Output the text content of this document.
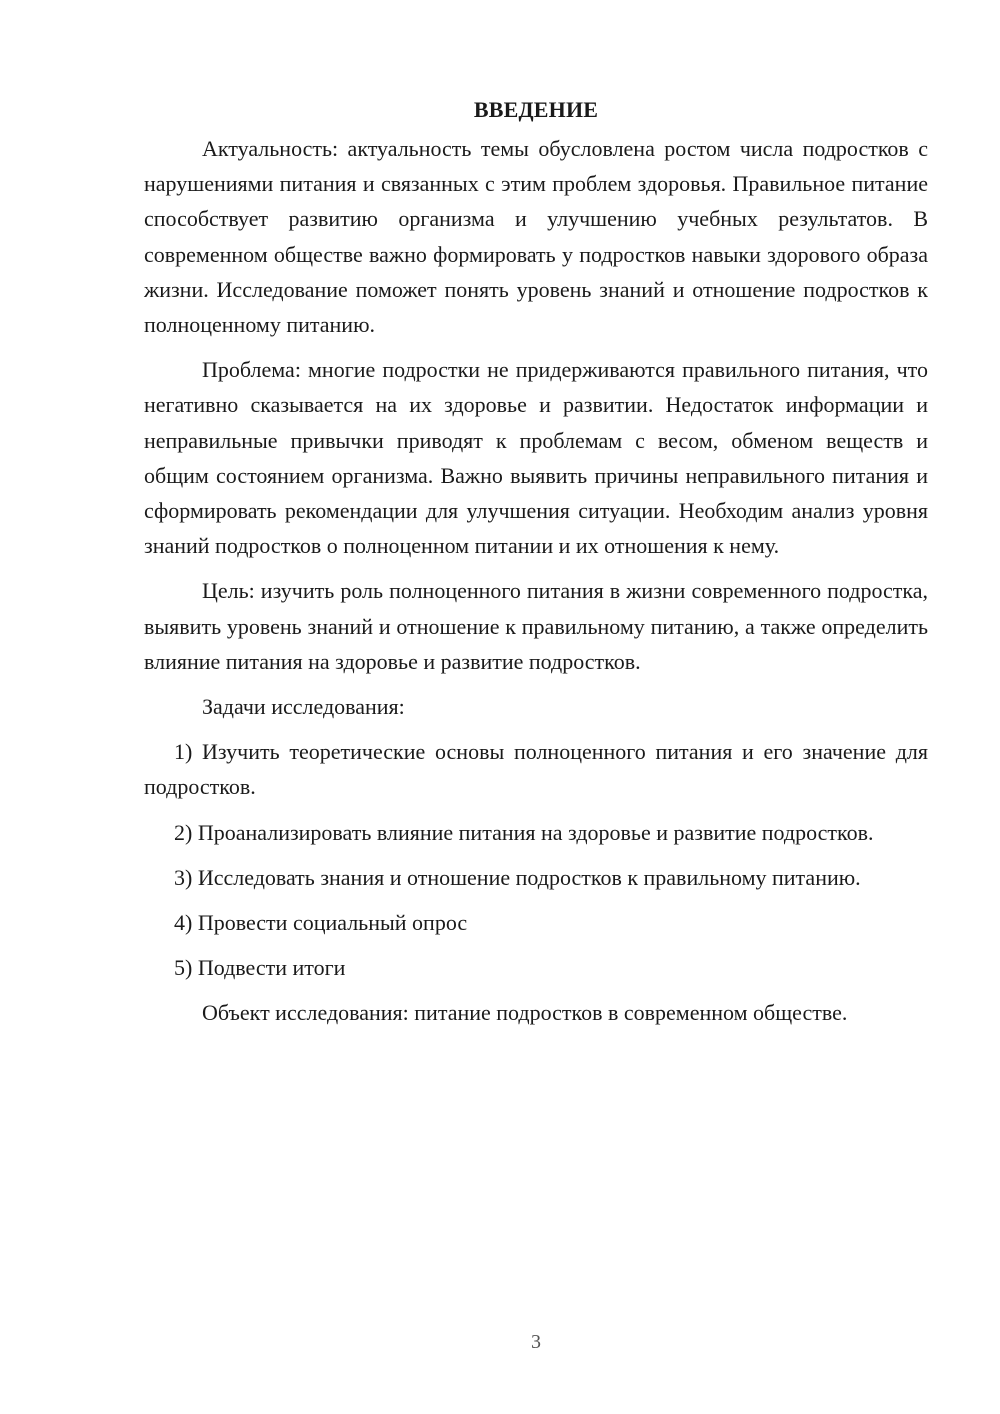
ВВЕДЕНИЕ

Актуальность: актуальность темы обусловлена ростом числа подростков с нарушениями питания и связанных с этим проблем здоровья. Правильное питание способствует развитию организма и улучшению учебных результатов. В современном обществе важно формировать у подростков навыки здорового образа жизни. Исследование поможет понять уровень знаний и отношение подростков к полноценному питанию.

Проблема: многие подростки не придерживаются правильного питания, что негативно сказывается на их здоровье и развитии. Недостаток информации и неправильные привычки приводят к проблемам с весом, обменом веществ и общим состоянием организма. Важно выявить причины неправильного питания и сформировать рекомендации для улучшения ситуации. Необходим анализ уровня знаний подростков о полноценном питании и их отношения к нему.

Цель: изучить роль полноценного питания в жизни современного подростка, выявить уровень знаний и отношение к правильному питанию, а также определить влияние питания на здоровье и развитие подростков.

Задачи исследования:

1) Изучить теоретические основы полноценного питания и его значение для подростков.

2) Проанализировать влияние питания на здоровье и развитие подростков.

3) Исследовать знания и отношение подростков к правильному питанию.

4) Провести социальный опрос

5) Подвести итоги

Объект исследования: питание подростков в современном обществе.

3
